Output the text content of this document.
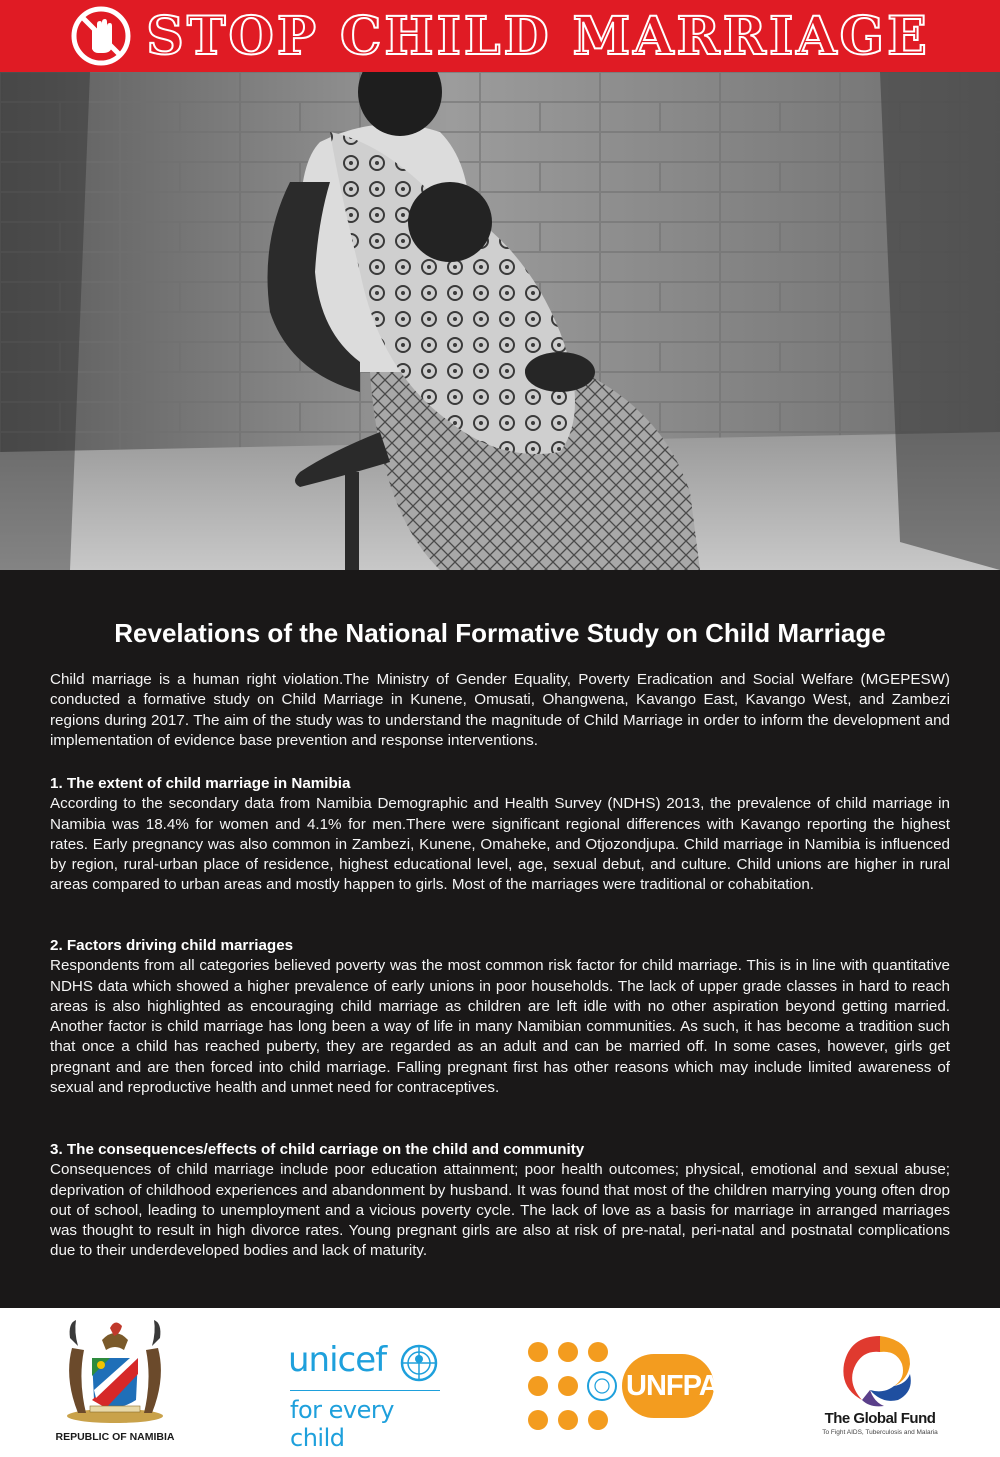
STOP CHILD MARRIAGE
Revelations of the National Formative Study on Child Marriage

Child marriage is a human right violation.The Ministry of Gender Equality, Poverty Eradication and Social Welfare (MGEPESW) conducted a formative study on Child Marriage in Kunene, Omusati, Ohangwena, Kavango East, Kavango West, and Zambezi regions during 2017. The aim of the study was to understand the magnitude of Child Marriage in order to inform the development and implementation of evidence base prevention and response interventions.

1. The extent of child marriage in Namibia

According to the secondary data from Namibia Demographic and Health Survey (NDHS) 2013, the prevalence of child marriage in Namibia was 18.4% for women and 4.1% for men.There were significant regional differences with Kavango reporting the highest rates. Early pregnancy was also common in Zambezi, Kunene, Omaheke, and Otjozondjupa. Child marriage in Namibia is influenced by region, rural-urban place of residence, highest educational level, age, sexual debut, and culture. Child unions are higher in rural areas compared to urban areas and mostly happen to girls. Most of the marriages were traditional or cohabitation.

2. Factors driving child marriages

Respondents from all categories believed poverty was the most common risk factor for child marriage. This is in line with quantitative NDHS data which showed a higher prevalence of early unions in poor households. The lack of upper grade classes in hard to reach areas is also highlighted as encouraging child marriage as children are left idle with no other aspiration beyond getting married. Another factor is child marriage has long been a way of life in many Namibian communities. As such, it has become a tradition such that once a child has reached puberty, they are regarded as an adult and can be married off. In some cases, however, girls get pregnant and are then forced into child marriage. Falling pregnant first has other reasons which may include limited awareness of sexual and reproductive health and unmet need for contraceptives.

3. The consequences/effects of child carriage on the child and community

Consequences of child marriage include poor education attainment; poor health outcomes; physical, emotional and sexual abuse; deprivation of childhood experiences and abandonment by husband. It was found that most of the children marrying young often drop out of school, leading to unemployment and a vicious poverty cycle. The lack of love as a basis for marriage in arranged marriages was thought to result in high divorce rates. Young pregnant girls are also at risk of pre-natal, peri-natal and postnatal complications due to their underdeveloped bodies and lack of maturity.

REPUBLIC OF NAMIBIA
unicef
for every child
UNFPA
The Global Fund
To Fight AIDS, Tuberculosis and Malaria
